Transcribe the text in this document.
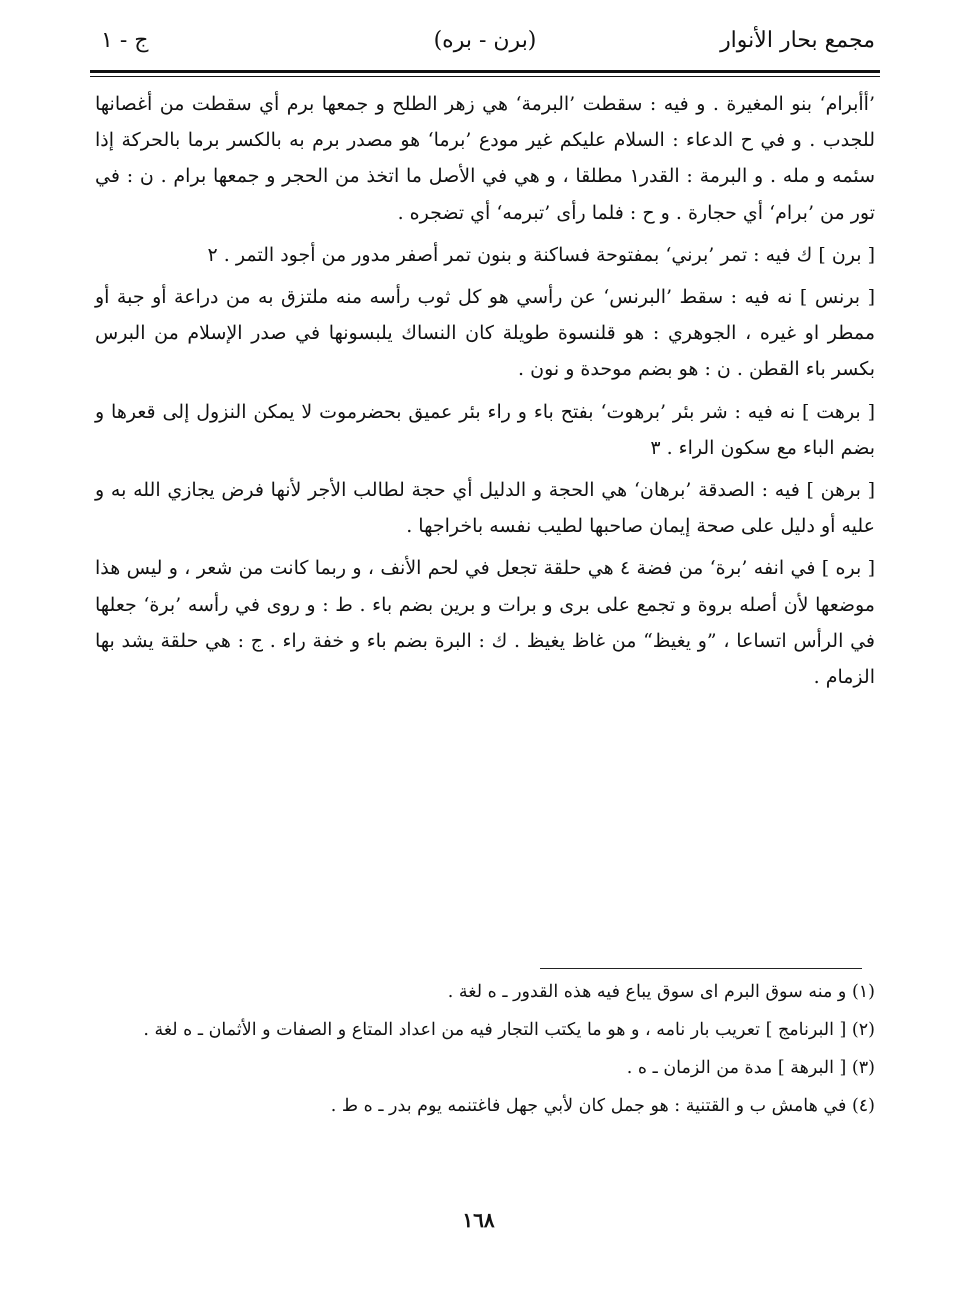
مجمع بحار الأنوار
(برن - بره)
ج - ١

’أأبرام‘ بنو المغيرة . و فيه : سقطت ’البرمة‘ هي زهر الطلح و جمعها برم أي سقطت من أغصانها للجدب . و في ح الدعاء : السلام عليكم غير مودع ’برما‘ هو مصدر برم به بالكسر برما بالحركة إذا سئمه و مله . و البرمة : القدر١ مطلقا ، و هي في الأصل ما اتخذ من الحجر و جمعها برام . ن : في تور من ’برام‘ أي حجارة . و ح : فلما رأى ’تبرمه‘ أي تضجره .

[ برن ] ك فيه : تمر ’برني‘ بمفتوحة فساكنة و بنون تمر أصفر مدور من أجود التمر . ٢

[ برنس ] نه فيه : سقط ’البرنس‘ عن رأسي هو كل ثوب رأسه منه ملتزق به من دراعة أو جبة أو ممطر او غيره ، الجوهري : هو قلنسوة طويلة كان النساك يلبسونها في صدر الإسلام من البرس بكسر باء القطن . ن : هو بضم موحدة و نون .

[ برهت ] نه فيه : شر بئر ’برهوت‘ بفتح باء و راء بئر عميق بحضرموت لا يمكن النزول إلى قعرها و بضم الباء مع سكون الراء . ٣

[ برهن ] فيه : الصدقة ’برهان‘ هي الحجة و الدليل أي حجة لطالب الأجر لأنها فرض يجازي الله به و عليه أو دليل على صحة إيمان صاحبها لطيب نفسه باخراجها .

[ بره ] في انفه ’برة‘ من فضة ٤ هي حلقة تجعل في لحم الأنف ، و ربما كانت من شعر ، و ليس هذا موضعها لأن أصله بروة و تجمع على برى و برات و برين بضم باء . ط : و روى في رأسه ’برة‘ جعلها في الرأس اتساعا ، ”و يغيظ“ من غاظ يغيظ . ك : البرة بضم باء و خفة راء . ج : هي حلقة يشد بها الزمام .

(١) و منه سوق البرم اى سوق يباع فيه هذه القدور ـ ه لغة .

(٢) [ البرنامج ] تعريب بار نامه ، و هو ما يكتب التجار فيه من اعداد المتاع و الصفات و الأثمان ـ ه لغة .

(٣) [ البرهة ] مدة من الزمان ـ ه .

(٤) في هامش ب و القتنية : هو جمل كان لأبي جهل فاغتنمه يوم بدر ـ ه ط .

١٦٨
